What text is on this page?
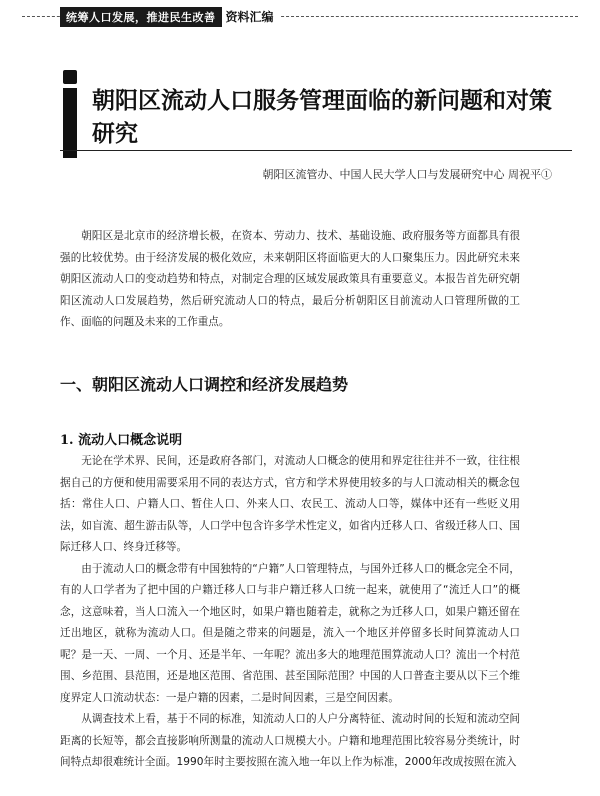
统筹人口发展，推进民生改善 资料汇编
朝阳区流动人口服务管理面临的新问题和对策研究
朝阳区流管办、中国人民大学人口与发展研究中心 周祝平①

朝阳区是北京市的经济增长极，在资本、劳动力、技术、基础设施、政府服务等方面都具有很强的比较优势。由于经济发展的极化效应，未来朝阳区将面临更大的人口聚集压力。因此研究未来朝阳区流动人口的变动趋势和特点，对制定合理的区域发展政策具有重要意义。本报告首先研究朝阳区流动人口发展趋势，然后研究流动人口的特点，最后分析朝阳区目前流动人口管理所做的工作、面临的问题及未来的工作重点。

一、朝阳区流动人口调控和经济发展趋势
1. 流动人口概念说明

无论在学术界、民间，还是政府各部门，对流动人口概念的使用和界定往往并不一致，往往根据自己的方便和使用需要采用不同的表达方式，官方和学术界使用较多的与人口流动相关的概念包括：常住人口、户籍人口、暂住人口、外来人口、农民工、流动人口等，媒体中还有一些贬义用法，如盲流、超生游击队等，人口学中包含许多学术性定义，如省内迁移人口、省级迁移人口、国际迁移人口、终身迁移等。

由于流动人口的概念带有中国独特的“户籍”人口管理特点，与国外迁移人口的概念完全不同，有的人口学者为了把中国的户籍迁移人口与非户籍迁移人口统一起来，就使用了“流迁人口”的概念，这意味着，当人口流入一个地区时，如果户籍也随着走，就称之为迁移人口，如果户籍还留在迁出地区，就称为流动人口。但是随之带来的问题是，流入一个地区并停留多长时间算流动人口呢？是一天、一周、一个月、还是半年、一年呢？流出多大的地理范围算流动人口？流出一个村范围、乡范围、县范围，还是地区范围、省范围、甚至国际范围？中国的人口普查主要从以下三个维度界定人口流动状态：一是户籍的因素，二是时间因素，三是空间因素。

从调查技术上看，基于不同的标准，知流动人口的人户分离特征、流动时间的长短和流动空间距离的长短等，都会直接影响所测量的流动人口规模大小。户籍和地理范围比较容易分类统计，时间特点却很难统计全面。1990年时主要按照在流入地一年以上作为标准，2000年改成按照在流入
